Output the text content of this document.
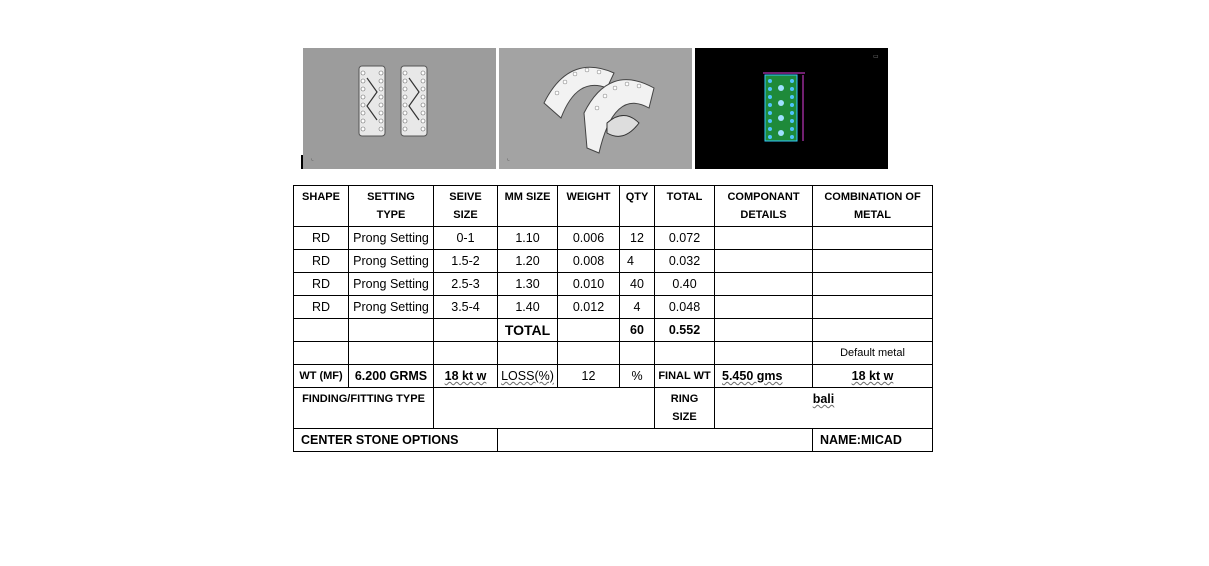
⌞	⌞
▭
SHAPE	SETTING TYPE	SEIVE SIZE	MM SIZE	WEIGHT	QTY	TOTAL	COMPONANT DETAILS	COMBINATION OF METAL
RD	Prong Setting	0-1	1.10	0.006	12	0.072		
RD	Prong Setting	1.5-2	1.20	0.008	4	0.032		
RD	Prong Setting	2.5-3	1.30	0.010	40	0.40		
RD	Prong Setting	3.5-4	1.40	0.012	4	0.048		
			TOTAL		60	0.552		
								Default metal
WT (MF)	6.200 GRMS	18 kt w	LOSS(%)	12	%	FINAL WT	5.450 gms	18 kt w
FINDING/FITTING TYPE						RING SIZE	bali	
CENTER STONE OPTIONS								NAME:MICAD
